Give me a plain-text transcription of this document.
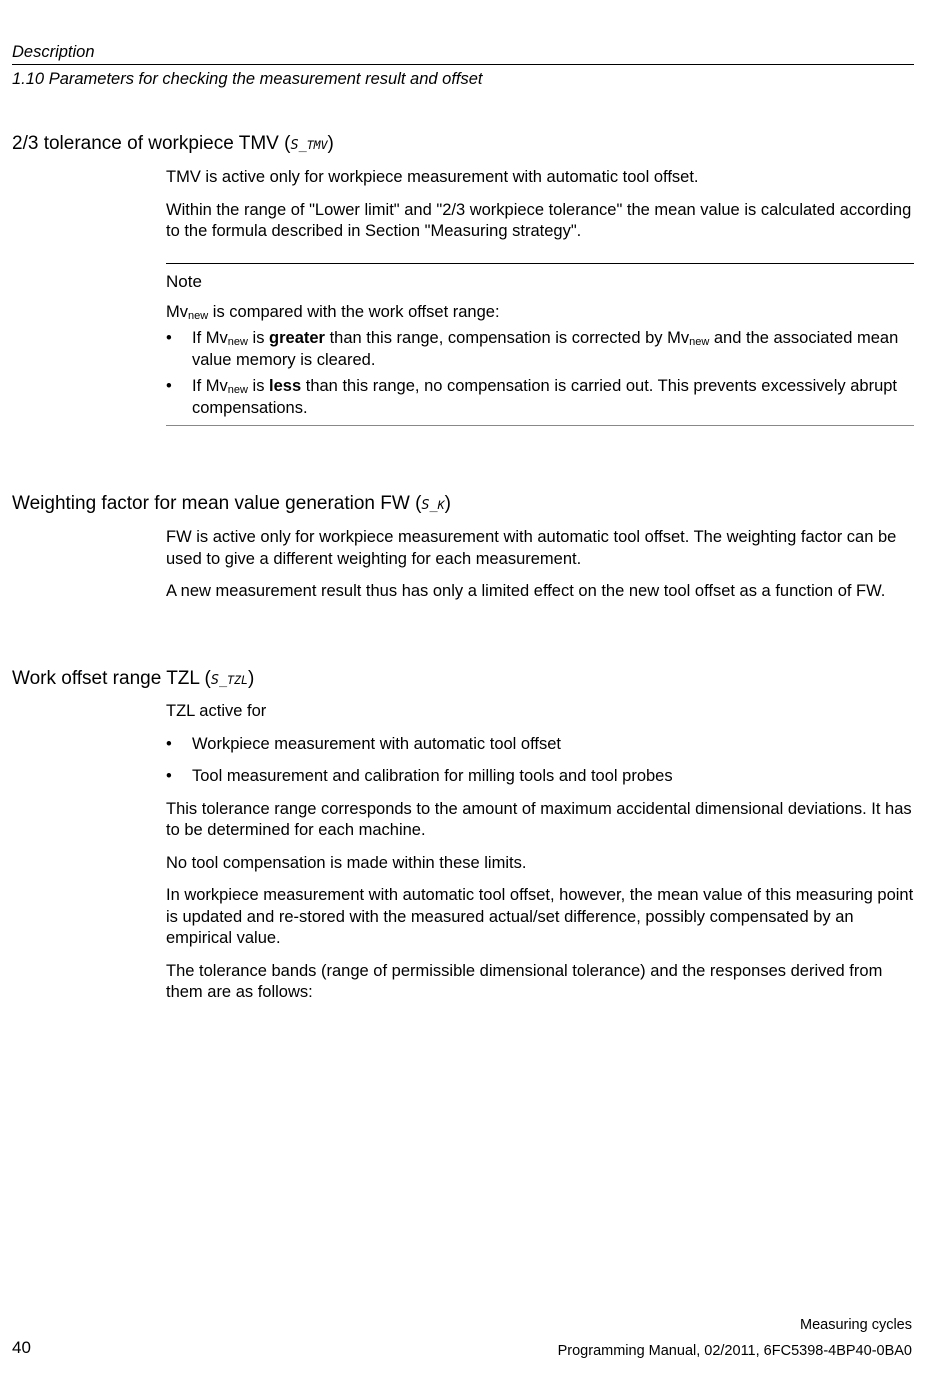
Description
1.10 Parameters for checking the measurement result and offset
2/3 tolerance of workpiece TMV (S_TMV)

TMV is active only for workpiece measurement with automatic tool offset.

Within the range of "Lower limit" and "2/3 workpiece tolerance" the mean value is calculated according to the formula described in Section "Measuring strategy".

Note

$Mv_{new}$ is compared with the work offset range:

• If $Mv_{new}$ is greater than this range, compensation is corrected by $Mv_{new}$ and the associated mean value memory is cleared.
• If $Mv_{new}$ is less than this range, no compensation is carried out. This prevents excessively abrupt compensations.
Weighting factor for mean value generation FW (S_K)

FW is active only for workpiece measurement with automatic tool offset. The weighting factor can be used to give a different weighting for each measurement.

A new measurement result thus has only a limited effect on the new tool offset as a function of FW.

Work offset range TZL (S_TZL)

TZL active for

• Workpiece measurement with automatic tool offset
• Tool measurement and calibration for milling tools and tool probes

This tolerance range corresponds to the amount of maximum accidental dimensional deviations. It has to be determined for each machine.

No tool compensation is made within these limits.

In workpiece measurement with automatic tool offset, however, the mean value of this measuring point is updated and re-stored with the measured actual/set difference, possibly compensated by an empirical value.

The tolerance bands (range of permissible dimensional tolerance) and the responses derived from them are as follows:

Measuring cycles
Programming Manual, 02/2011, 6FC5398-4BP40-0BA0
40
